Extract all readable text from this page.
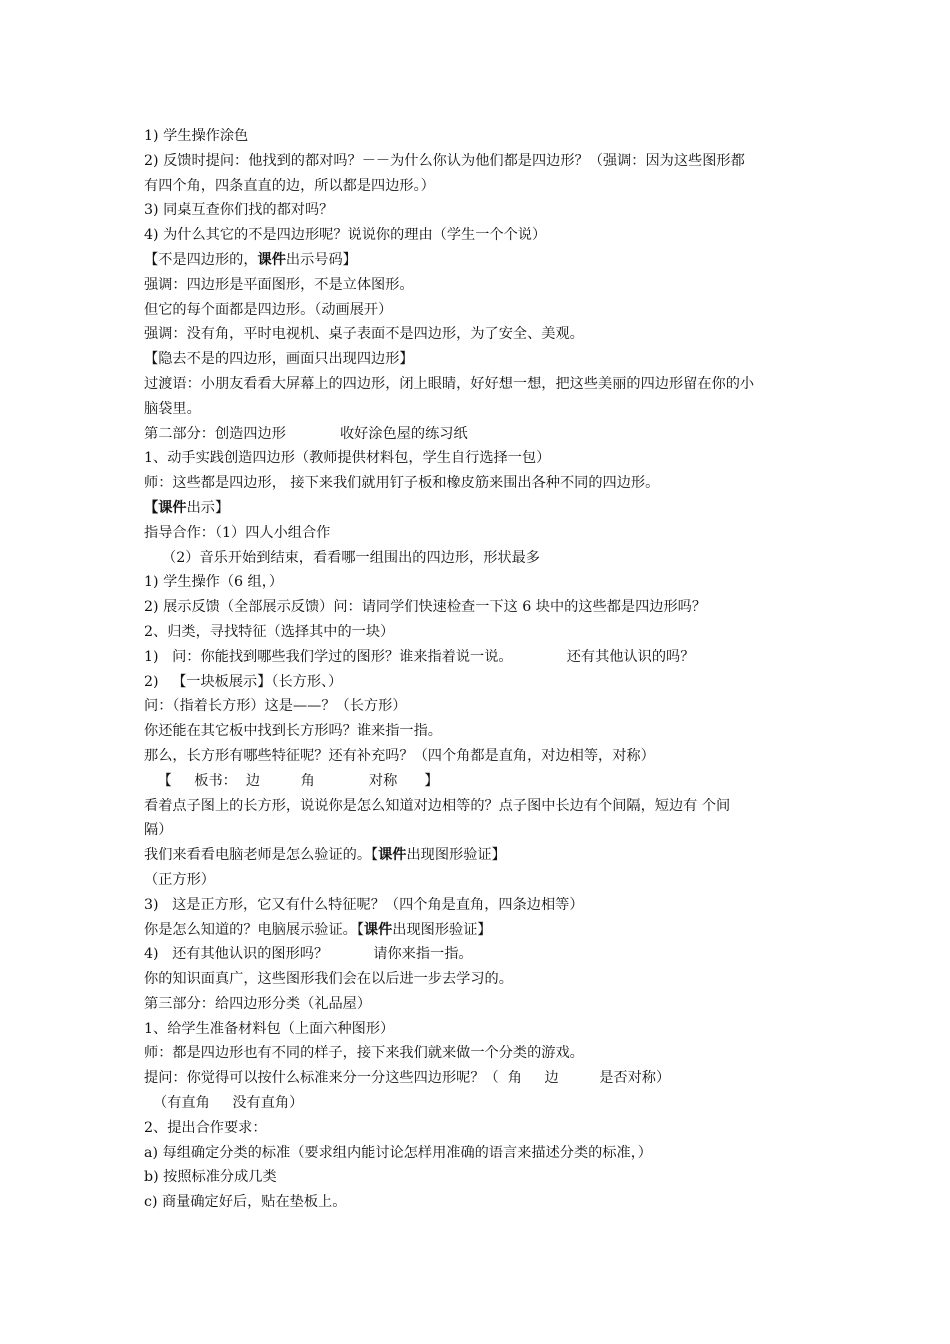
1) 学生操作涂色
2) 反馈时提问：他找到的都对吗？－－为什么你认为他们都是四边形？（强调：因为这些图形都
有四个角，四条直直的边，所以都是四边形。）
3) 同桌互查你们找的都对吗？
4) 为什么其它的不是四边形呢？说说你的理由（学生一个个说）
【不是四边形的，课件出示号码】
强调：四边形是平面图形，不是立体图形。
但它的每个面都是四边形。（动画展开）
强调：没有角，平时电视机、桌子表面不是四边形，为了安全、美观。
【隐去不是的四边形，画面只出现四边形】
过渡语：小朋友看看大屏幕上的四边形，闭上眼睛，好好想一想，把这些美丽的四边形留在你的小
脑袋里。
第二部分：创造四边形            收好涂色屋的练习纸
1、动手实践创造四边形（教师提供材料包，学生自行选择一包）
师：这些都是四边形， 接下来我们就用钉子板和橡皮筋来围出各种不同的四边形。
【课件出示】
指导合作：（1）四人小组合作
（2）音乐开始到结束，看看哪一组围出的四边形，形状最多
1) 学生操作（6 组，）
2) 展示反馈（全部展示反馈）问：请同学们快速检查一下这 6 块中的这些都是四边形吗？
2、归类，寻找特征（选择其中的一块）
1)   问：你能找到哪些我们学过的图形？谁来指着说一说。            还有其他认识的吗？
2)   【一块板展示】（长方形、）
问：（指着长方形）这是——？（长方形）
你还能在其它板中找到长方形吗？谁来指一指。
那么，长方形有哪些特征呢？还有补充吗？（四个角都是直角，对边相等，对称）
【     板书：  边         角            对称      】
看着点子图上的长方形，说说你是怎么知道对边相等的？点子图中长边有个间隔，短边有 个间
隔）
我们来看看电脑老师是怎么验证的。【课件出现图形验证】
（正方形）
3)   这是正方形，它又有什么特征呢？（四个角是直角，四条边相等）
你是怎么知道的？电脑展示验证。【课件出现图形验证】
4)   还有其他认识的图形吗？          请你来指一指。
你的知识面真广，这些图形我们会在以后进一步去学习的。
第三部分：给四边形分类（礼品屋）
1、给学生准备材料包（上面六种图形）
师：都是四边形也有不同的样子，接下来我们就来做一个分类的游戏。
提问：你觉得可以按什么标准来分一分这些四边形呢？（  角     边         是否对称）
（有直角     没有直角）
2、提出合作要求：
a) 每组确定分类的标准（要求组内能讨论怎样用准确的语言来描述分类的标准，）
b) 按照标准分成几类
c) 商量确定好后，贴在垫板上。
